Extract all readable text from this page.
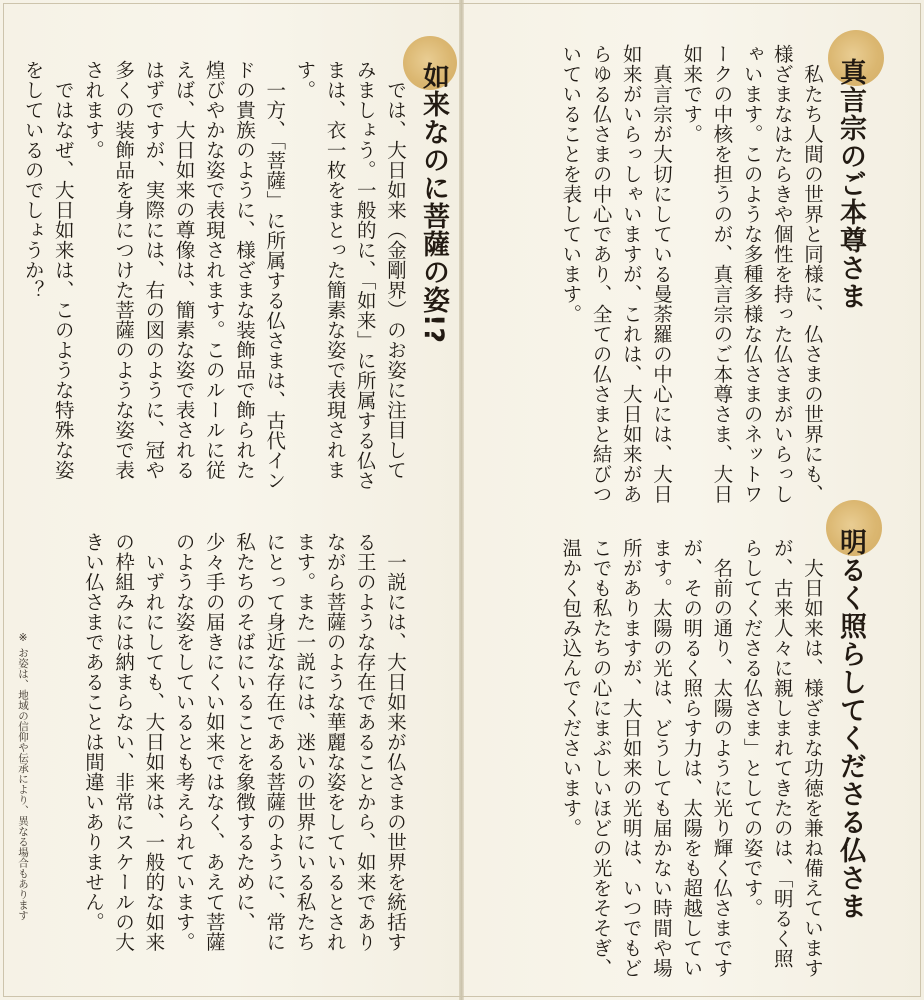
真言宗のご本尊さま

私たち人間の世界と同様に、仏さまの世界にも、様ざまなはたらきや個性を持った仏さまがいらっしゃいます。このような多種多様な仏さまのネットワークの中核を担うのが、真言宗のご本尊さま、大日如来です。

真言宗が大切にしている曼荼羅の中心には、大日如来がいらっしゃいますが、これは、大日如来があらゆる仏さまの中心であり、全ての仏さまと結びついていることを表しています。

明るく照らしてくださる仏さま

大日如来は、様ざまな功徳を兼ね備えていますが、古来人々に親しまれてきたのは、「明るく照らしてくださる仏さま」としての姿です。

名前の通り、太陽のように光り輝く仏さまですが、その明るく照らす力は、太陽をも超越しています。太陽の光は、どうしても届かない時間や場所がありますが、大日如来の光明は、いつでもどこでも私たちの心にまぶしいほどの光をそそぎ、温かく包み込んでくださいます。

如来なのに菩薩の姿!?

では、大日如来（金剛界）のお姿に注目してみましょう。一般的に、「如来」に所属する仏さまは、衣一枚をまとった簡素な姿で表現されます。

一方、「菩薩」に所属する仏さまは、古代インドの貴族のように、様ざまな装飾品で飾られた煌びやかな姿で表現されます。このルールに従えば、大日如来の尊像は、簡素な姿で表されるはずですが、実際には、右の図のように、冠や多くの装飾品を身につけた菩薩のような姿で表されます。

ではなぜ、大日如来は、このような特殊な姿をしているのでしょうか？

一説には、大日如来が仏さまの世界を統括する王のような存在であることから、如来でありながら菩薩のような華麗な姿をしているとされます。また一説には、迷いの世界にいる私たちにとって身近な存在である菩薩のように、常に私たちのそばにいることを象徴するために、少々手の届きにくい如来ではなく、あえて菩薩のような姿をしているとも考えられています。

いずれにしても、大日如来は、一般的な如来の枠組みには納まらない、非常にスケールの大きい仏さまであることは間違いありません。

※ お姿は、地域の信仰や伝承により、異なる場合もあります
